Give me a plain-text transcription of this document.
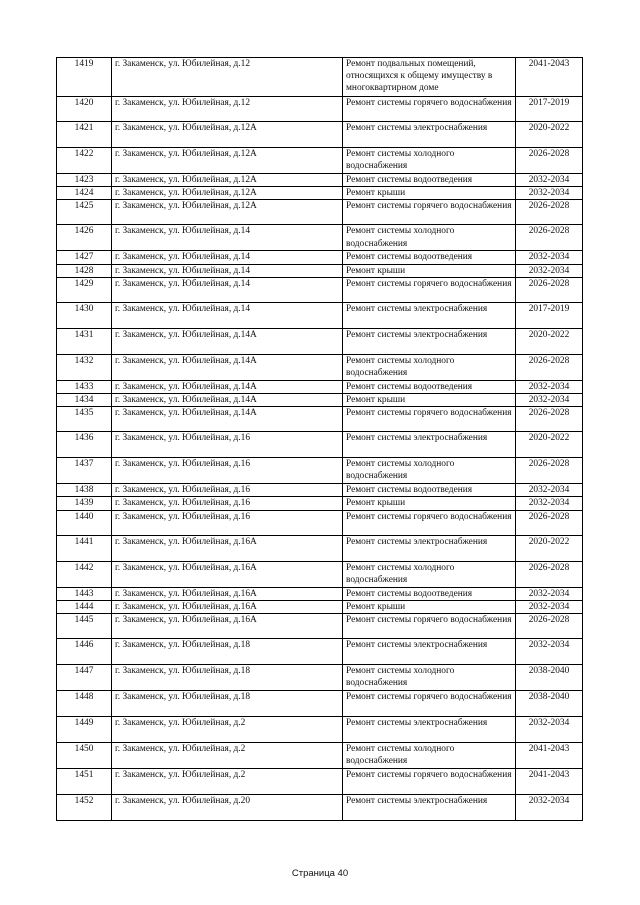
1419	г. Закаменск, ул. Юбилейная, д.12	Ремонт подвальных помещений, относящихся к общему имуществу в многоквартирном доме	2041-2043
1420	г. Закаменск, ул. Юбилейная, д.12	Ремонт системы горячего водоснабжения	2017-2019
1421	г. Закаменск, ул. Юбилейная, д.12А	Ремонт системы электроснабжения	2020-2022
1422	г. Закаменск, ул. Юбилейная, д.12А	Ремонт системы холодного водоснабжения	2026-2028
1423	г. Закаменск, ул. Юбилейная, д.12А	Ремонт системы водоотведения	2032-2034
1424	г. Закаменск, ул. Юбилейная, д.12А	Ремонт крыши	2032-2034
1425	г. Закаменск, ул. Юбилейная, д.12А	Ремонт системы горячего водоснабжения	2026-2028
1426	г. Закаменск, ул. Юбилейная, д.14	Ремонт системы холодного водоснабжения	2026-2028
1427	г. Закаменск, ул. Юбилейная, д.14	Ремонт системы водоотведения	2032-2034
1428	г. Закаменск, ул. Юбилейная, д.14	Ремонт крыши	2032-2034
1429	г. Закаменск, ул. Юбилейная, д.14	Ремонт системы горячего водоснабжения	2026-2028
1430	г. Закаменск, ул. Юбилейная, д.14	Ремонт системы электроснабжения	2017-2019
1431	г. Закаменск, ул. Юбилейная, д.14А	Ремонт системы электроснабжения	2020-2022
1432	г. Закаменск, ул. Юбилейная, д.14А	Ремонт системы холодного водоснабжения	2026-2028
1433	г. Закаменск, ул. Юбилейная, д.14А	Ремонт системы водоотведения	2032-2034
1434	г. Закаменск, ул. Юбилейная, д.14А	Ремонт крыши	2032-2034
1435	г. Закаменск, ул. Юбилейная, д.14А	Ремонт системы горячего водоснабжения	2026-2028
1436	г. Закаменск, ул. Юбилейная, д.16	Ремонт системы электроснабжения	2020-2022
1437	г. Закаменск, ул. Юбилейная, д.16	Ремонт системы холодного водоснабжения	2026-2028
1438	г. Закаменск, ул. Юбилейная, д.16	Ремонт системы водоотведения	2032-2034
1439	г. Закаменск, ул. Юбилейная, д.16	Ремонт крыши	2032-2034
1440	г. Закаменск, ул. Юбилейная, д.16	Ремонт системы горячего водоснабжения	2026-2028
1441	г. Закаменск, ул. Юбилейная, д.16А	Ремонт системы электроснабжения	2020-2022
1442	г. Закаменск, ул. Юбилейная, д.16А	Ремонт системы холодного водоснабжения	2026-2028
1443	г. Закаменск, ул. Юбилейная, д.16А	Ремонт системы водоотведения	2032-2034
1444	г. Закаменск, ул. Юбилейная, д.16А	Ремонт крыши	2032-2034
1445	г. Закаменск, ул. Юбилейная, д.16А	Ремонт системы горячего водоснабжения	2026-2028
1446	г. Закаменск, ул. Юбилейная, д.18	Ремонт системы электроснабжения	2032-2034
1447	г. Закаменск, ул. Юбилейная, д.18	Ремонт системы холодного водоснабжения	2038-2040
1448	г. Закаменск, ул. Юбилейная, д.18	Ремонт системы горячего водоснабжения	2038-2040
1449	г. Закаменск, ул. Юбилейная, д.2	Ремонт системы электроснабжения	2032-2034
1450	г. Закаменск, ул. Юбилейная, д.2	Ремонт системы холодного водоснабжения	2041-2043
1451	г. Закаменск, ул. Юбилейная, д.2	Ремонт системы горячего водоснабжения	2041-2043
1452	г. Закаменск, ул. Юбилейная, д.20	Ремонт системы электроснабжения	2032-2034
Страница 40
